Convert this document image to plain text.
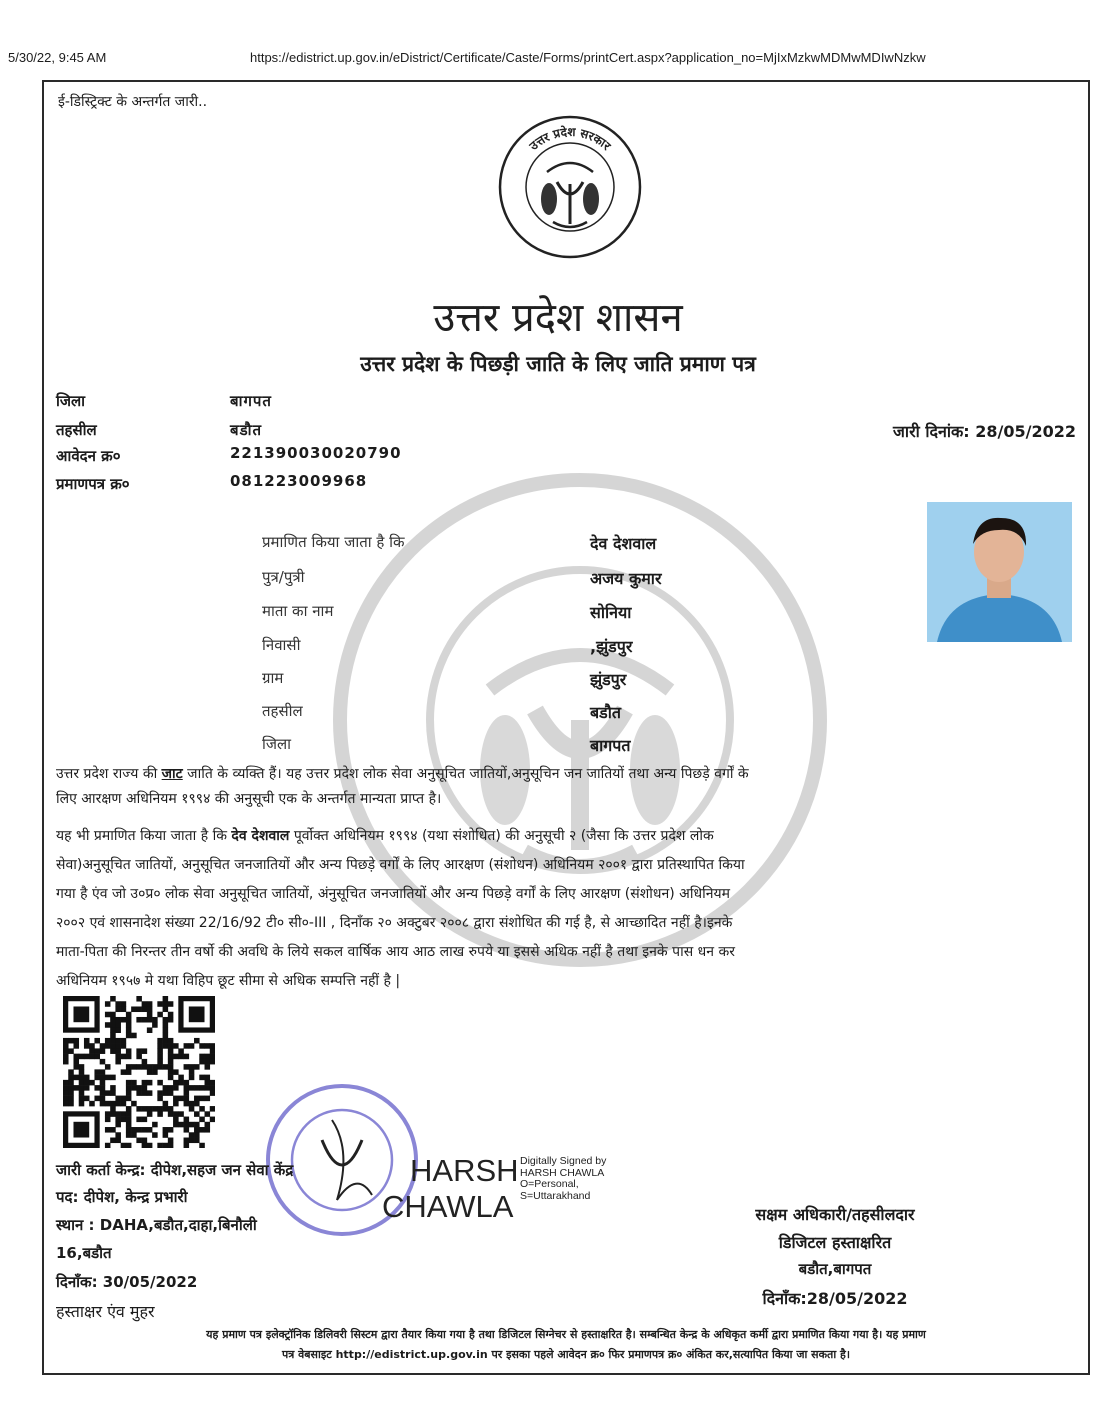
5/30/22, 9:45 AM	https://edistrict.up.gov.in/eDistrict/Certificate/Caste/Forms/printCert.aspx?application_no=MjIxMzkwMDMwMDIwNzkw
ई-डिस्ट्रिक्ट के अन्तर्गत जारी..
उत्तर प्रदेश सरकार
उत्तर प्रदेश शासन
उत्तर प्रदेश के पिछड़ी जाति के लिए जाति प्रमाण पत्र
जिला	बागपत
तहसील	बडौत
आवेदन क्र०	221390030020790
प्रमाणपत्र क्र०	081223009968
जारी दिनांक: 28/05/2022
प्रमाणित किया जाता है कि	देव देशवाल
पुत्र/पुत्री	अजय कुमार
माता का नाम	सोनिया
निवासी	,झुंडपुर
ग्राम	झुंडपुर
तहसील	बडौत
जिला	बागपत
उत्तर प्रदेश राज्य की जाट जाति के व्यक्ति हैं। यह उत्तर प्रदेश लोक सेवा अनुसूचित जातियों,अनुसूचिन जन जातियों तथा अन्य पिछड़े वर्गों के
लिए आरक्षण अधिनियम १९९४ की अनुसूची एक के अन्तर्गत मान्यता प्राप्त है।
यह भी प्रमाणित किया जाता है कि देव देशवाल पूर्वोक्त अधिनियम १९९४ (यथा संशोधित) की अनुसूची २ (जैसा कि उत्तर प्रदेश लोक
सेवा)अनुसूचित जातियों, अनुसूचित जनजातियों और अन्य पिछड़े वर्गों के लिए आरक्षण (संशोधन) अधिनियम २००१ द्वारा प्रतिस्थापित किया
गया है एंव जो उ०प्र० लोक सेवा अनुसूचित जातियों, अंनुसूचित जनजातियों और अन्य पिछड़े वर्गों के लिए आरक्षण (संशोधन) अधिनियम
२००२ एवं शासनादेश संख्या 22/16/92 टी० सी०-III , दिनाँक २० अक्टुबर २००८ द्वारा संशोधित की गई है, से आच्छादित नहीं है।इनके
माता-पिता की निरन्तर तीन वर्षो की अवधि के लिये सकल वार्षिक आय आठ लाख रुपये या इससे अधिक नहीं है तथा इनके पास धन कर
अधिनियम १९५७ मे यथा विहिप छूट सीमा से अधिक सम्पत्ति नहीं है |
HARSH
CHAWLA
Digitally Signed by
HARSH CHAWLA
O=Personal,
S=Uttarakhand
जारी कर्ता केन्द्र: दीपेश,सहज जन सेवा केंद्र
पद: दीपेश, केन्द्र प्रभारी
स्थान : DAHA,बडौत,दाहा,बिनौली
16,बडौत
दिनाँक: 30/05/2022
हस्ताक्षर एंव मुहर
सक्षम अधिकारी/तहसीलदार
डिजिटल हस्ताक्षरित
बडौत,बागपत
दिनाँक:28/05/2022
यह प्रमाण पत्र इलेक्ट्रॉनिक डिलिवरी सिस्टम द्वारा तैयार किया गया है तथा डिजिटल सिग्नेचर से हस्ताक्षरित है। सम्बन्धित केन्द्र के अधिकृत कर्मी द्वारा प्रमाणित किया गया है। यह प्रमाण
पत्र वेबसाइट http://edistrict.up.gov.in पर इसका पहले आवेदन क्र० फिर प्रमाणपत्र क्र० अंकित कर,सत्यापित किया जा सकता है।
